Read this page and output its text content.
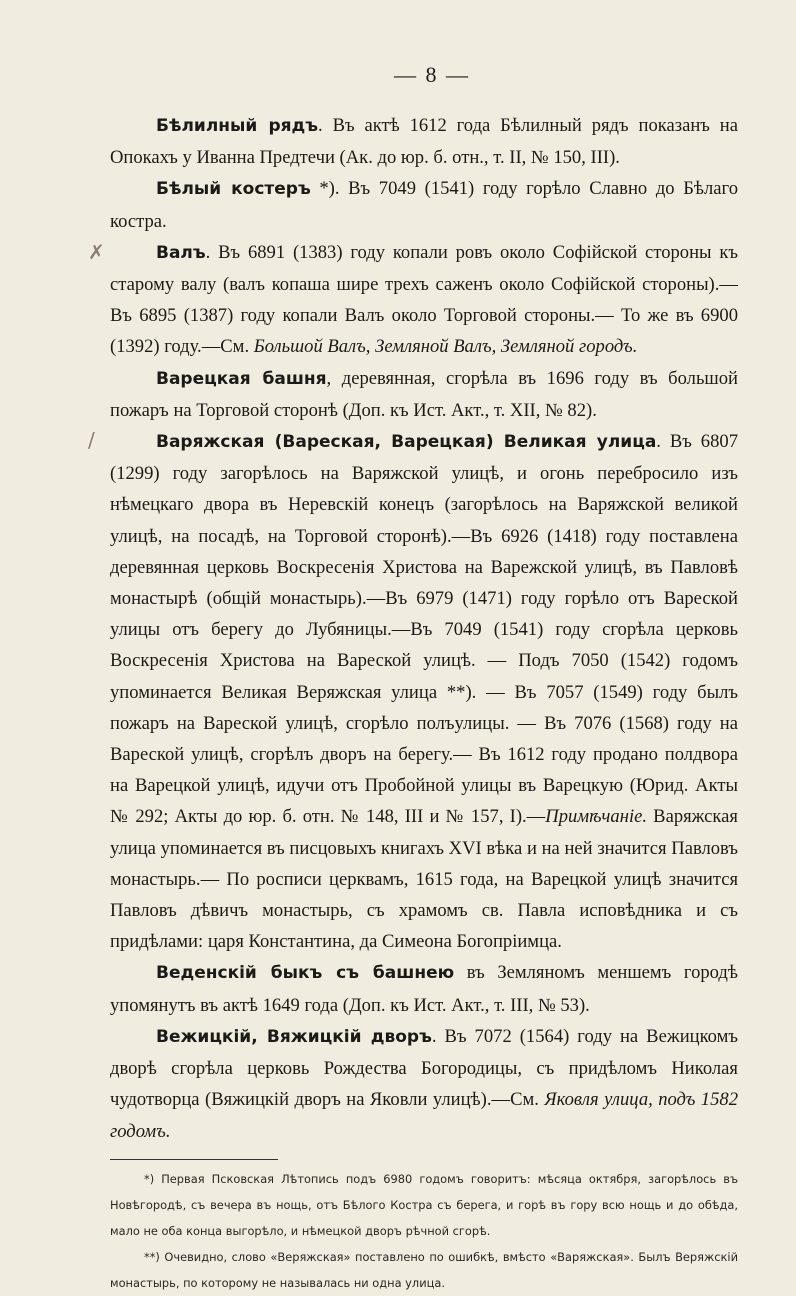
— 8 —

Бѣлилный рядъ. Въ актѣ 1612 года Бѣлилный рядъ показанъ на Опокахъ у Иванна Предтечи (Ак. до юр. б. отн., т. II, № 150, III).

Бѣлый костеръ *). Въ 7049 (1541) году горѣло Славно до Бѣлаго костра.

Валъ. Въ 6891 (1383) году копали ровъ около Софійской стороны къ старому валу (валъ копаша шире трехъ саженъ около Софійской стороны).—Въ 6895 (1387) году копали Валъ около Торговой стороны.— То же въ 6900 (1392) году.—См. Большой Валъ, Земляной Валъ, Земляной городъ.

Варецкая башня, деревянная, сгорѣла въ 1696 году въ большой пожаръ на Торговой сторонѣ (Доп. къ Ист. Акт., т. XII, № 82).

Варяжская (Вареская, Варецкая) Великая улица. Въ 6807 (1299) году загорѣлось на Варяжской улицѣ, и огонь перебросило изъ нѣмецкаго двора въ Неревскій конецъ (загорѣлось на Варяжской великой улицѣ, на посадѣ, на Торговой сторонѣ).—Въ 6926 (1418) году поставлена деревянная церковь Воскресенія Христова на Варежской улицѣ, въ Павловѣ монастырѣ (общій монастырь).—Въ 6979 (1471) году горѣло отъ Вареской улицы отъ берегу до Лубяницы.—Въ 7049 (1541) году сгорѣла церковь Воскресенія Христова на Вареской улицѣ. — Подъ 7050 (1542) годомъ упоминается Великая Веряжская улица **). — Въ 7057 (1549) году былъ пожаръ на Вареской улицѣ, сгорѣло полъулицы. — Въ 7076 (1568) году на Вареской улицѣ, сгорѣлъ дворъ на берегу.— Въ 1612 году продано полдвора на Варецкой улицѣ, идучи отъ Пробойной улицы въ Варецкую (Юрид. Акты № 292; Акты до юр. б. отн. № 148, III и № 157, I).—Примѣчаніе. Варяжская улица упоминается въ писцовыхъ книгахъ XVI вѣка и на ней значится Павловъ монастырь.— По росписи церквамъ, 1615 года, на Варецкой улицѣ значится Павловъ дѣвичъ монастырь, съ храмомъ св. Павла исповѣдника и съ придѣлами: царя Константина, да Симеона Богопріимца.

Веденскій быкъ съ башнею въ Земляномъ меншемъ городѣ упомянутъ въ актѣ 1649 года (Доп. къ Ист. Акт., т. III, № 53).

Вежицкій, Вяжицкій дворъ. Въ 7072 (1564) году на Вежицкомъ дворѣ сгорѣла церковь Рождества Богородицы, съ придѣломъ Николая чудотворца (Вяжицкій дворъ на Яковли улицѣ).—См. Яковля улица, подъ 1582 годомъ.

*) Первая Псковская Лѣтопись подъ 6980 годомъ говоритъ: мѣсяца октября, загорѣлось въ Новѣгородѣ, съ вечера въ нощь, отъ Бѣлого Костра съ берега, и горѣ въ гору всю нощь и до обѣда, мало не оба конца выгорѣло, и нѣмецкой дворъ рѣчной сгорѣ.

**) Очевидно, слово «Веряжская» поставлено по ошибкѣ, вмѣсто «Варяжская». Былъ Веряжскій монастырь, по которому не называлась ни одна улица.

✗
/
